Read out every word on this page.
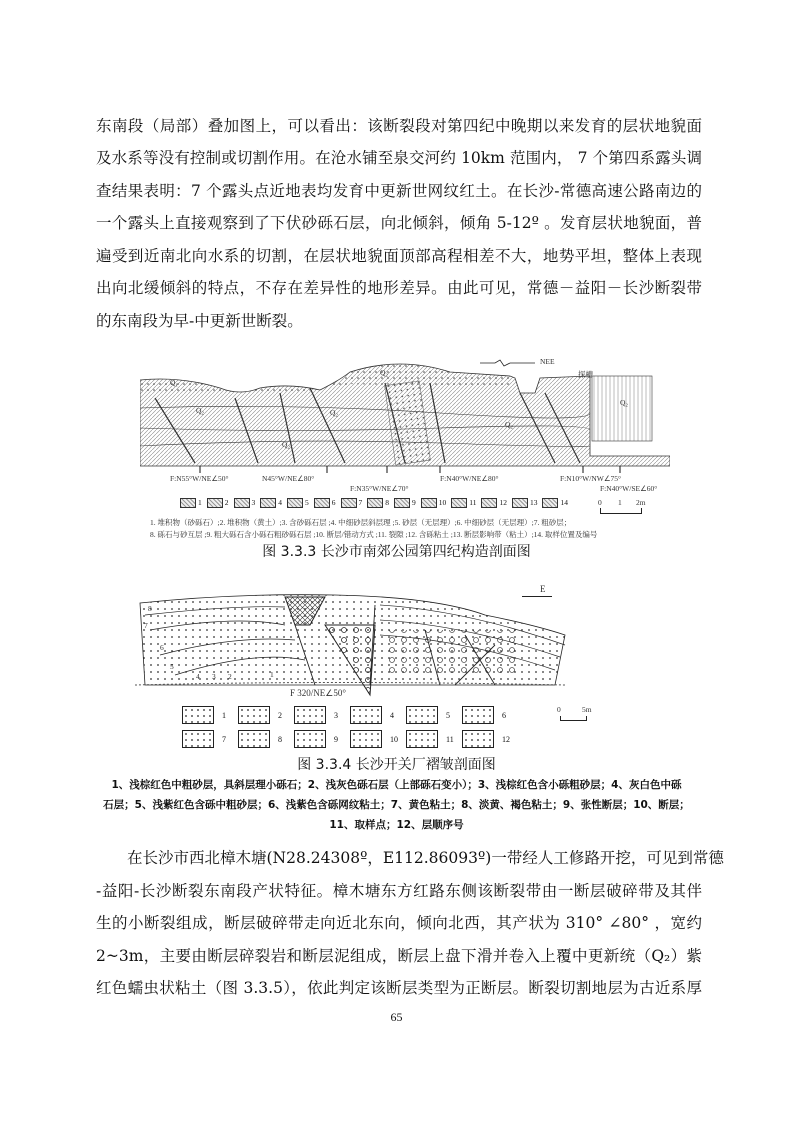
东南段（局部）叠加图上，可以看出：该断裂段对第四纪中晚期以来发育的层状地貌面
及水系等没有控制或切割作用。在沧水铺至泉交河约 10km 范围内， 7 个第四系露头调
查结果表明：7 个露头点近地表均发育中更新世网纹红土。在长沙-常德高速公路南边的
一个露头上直接观察到了下伏砂砾石层，向北倾斜，倾角 5-12º 。发育层状地貌面，普
遍受到近南北向水系的切割，在层状地貌面顶部高程相差不大，地势平坦，整体上表现
出向北缓倾斜的特点，不存在差异性的地形差异。由此可见，常德－益阳－长沙断裂带
的东南段为早-中更新世断裂。
NEE
探槽
Q₁
Q₂
Q₂	Q₂
Q₂
Q₂
Q₂
F:N55°W/NE∠50°	N45°W/NE∠80°
F:N35°W/NE∠70°
F:N40°W/NE∠80°	F:N10°W/NW∠75°
F:N40°W/SE∠60°
1	2	3	4	5	6	7	8	9	10	11	12	13	14	0 1 2m
1. 堆积物（砂砾石）;2. 堆积物（黄土）;3. 含砂砾石层 ;4. 中细砂层斜层理 ;5. 砂层（无层理）;6. 中细砂层（无层理）;7. 粗砂层；
8. 砾石与砂互层 ;9. 粗大砾石含小砾石粗砂砾石层 ;10. 断层/错动方式 ;11. 裂隙 ;12. 含砾粘土 ;13. 断层影响带（粘土）;14. 取样位置及编号
图 3.3.3 长沙市南郊公园第四纪构造剖面图
E
8
7
6
5
4 3 2	1
F 320/NE∠50°
1	2	3	4	5	6
7	8	9	10	11	12
0	5m
图 3.3.4 长沙开关厂褶皱剖面图
1、浅棕红色中粗砂层，具斜层理小砾石；2、浅灰色砾石层（上部砾石变小）；3、浅棕红色含小砾粗砂层；4、灰白色中砾
石层；5、浅紫红色含砾中粗砂层；6、浅紫色含砾网纹粘土；7、黄色粘土；8、淡黄、褐色粘土；9、张性断层；10、断层；
11、取样点；12、层顺序号
　　在长沙市西北樟木塘(N28.24308º，E112.86093º)一带经人工修路开挖，可见到常德
-益阳-长沙断裂东南段产状特征。樟木塘东方红路东侧该断裂带由一断层破碎带及其伴
生的小断裂组成，断层破碎带走向近北东向，倾向北西，其产状为 310° ∠80° ，宽约
2~3m，主要由断层碎裂岩和断层泥组成，断层上盘下滑并卷入上覆中更新统（Q₂）紫
红色蠕虫状粘土（图 3.3.5），依此判定该断层类型为正断层。断裂切割地层为古近系厚
65
